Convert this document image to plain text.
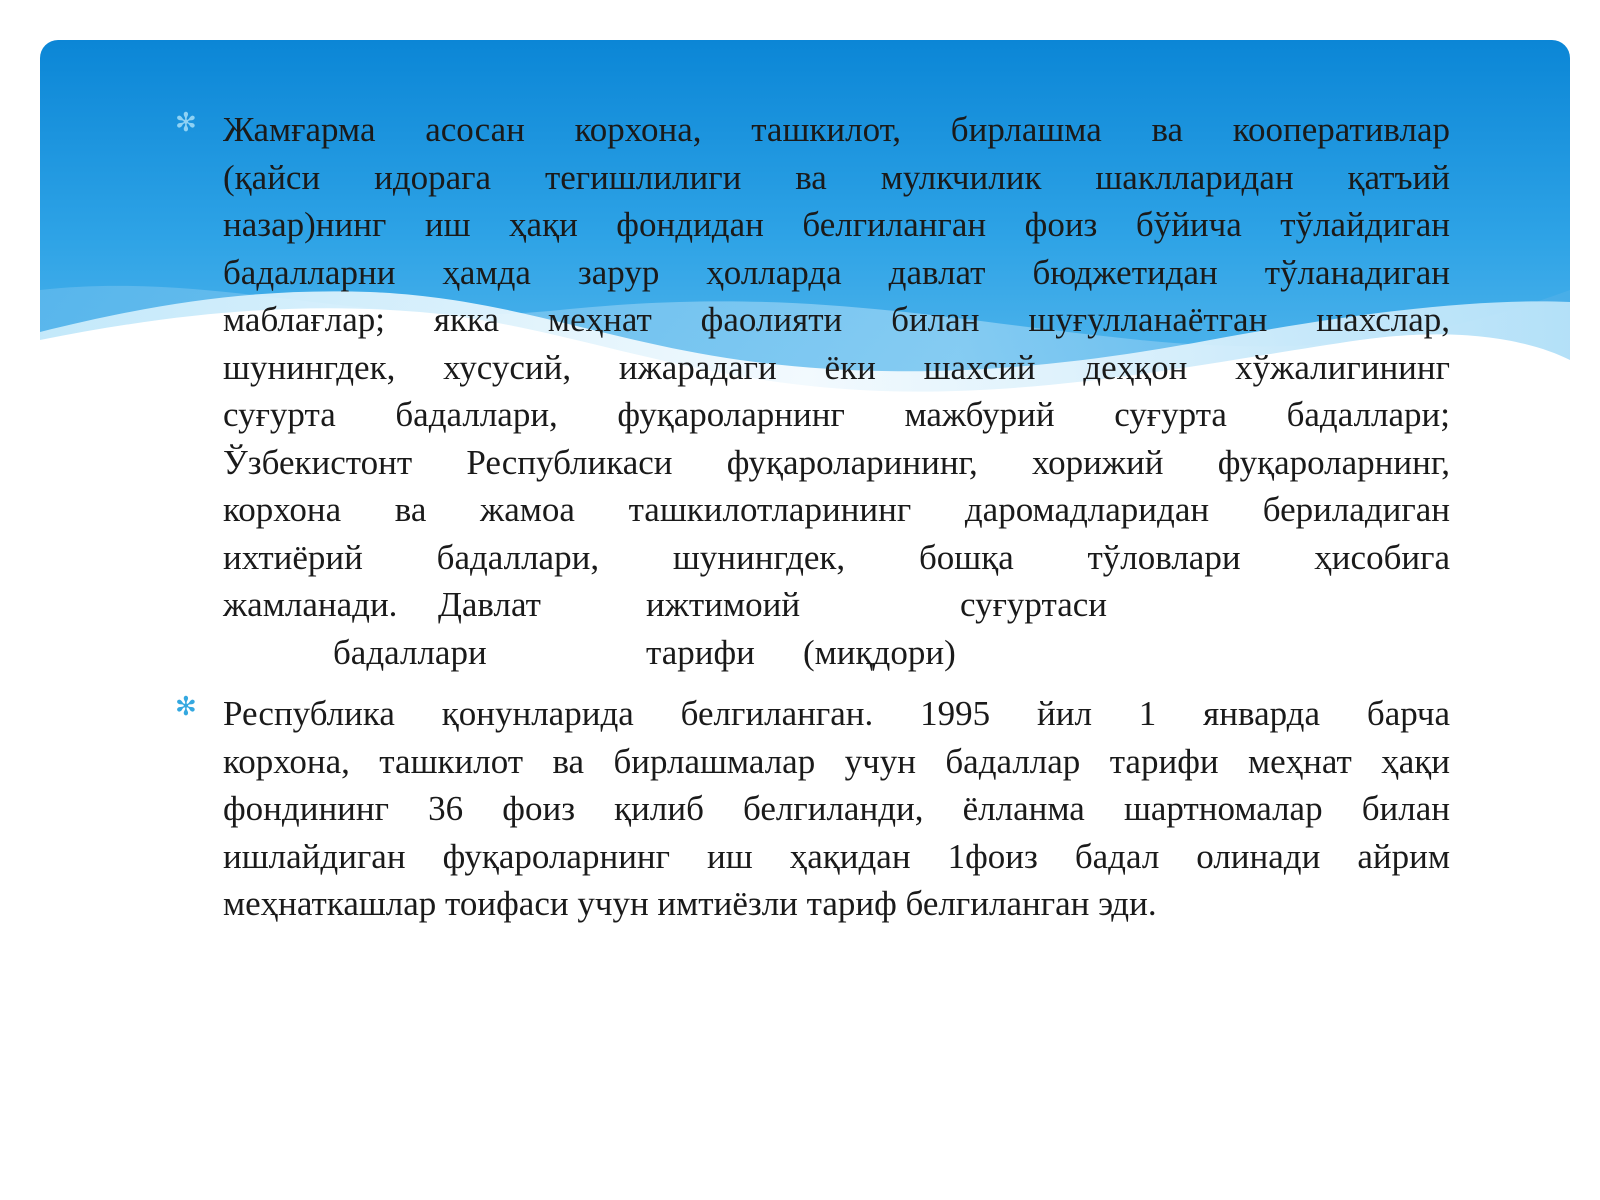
✻ Жамғарма асосан корхона, ташкилот, бирлашма ва кооперативлар
(қайси идорага тегишлилиги ва мулкчилик шаклларидан қатъий
назар)нинг иш ҳақи фондидан белгиланган фоиз бўйича тўлайдиган
бадалларни ҳамда зарур ҳолларда давлат бюджетидан тўланадиган
маблағлар; якка меҳнат фаолияти билан шуғулланаётган шахслар,
шунингдек, хусусий, ижарадаги ёки шахсий деҳқон хўжалигининг
суғурта бадаллари, фуқароларнинг мажбурий суғурта бадаллари;
Ўзбекистонт Республикаси фуқароларининг, хорижий фуқароларнинг,
корхона ва жамоа ташкилотларининг даромадларидан бериладиган
ихтиёрий бадаллари, шунингдек, бошқа тўловлари ҳисобига
жамланади. Давлат	ижтимоий	суғуртаси
бадаллари	тарифи (миқдори)
✻ Республика қонунларида белгиланган. 1995 йил 1 январда барча
корхона, ташкилот ва бирлашмалар учун бадаллар тарифи меҳнат ҳақи
фондининг 36 фоиз қилиб белгиланди, ёлланма шартномалар билан
ишлайдиган фуқароларнинг иш ҳақидан 1фоиз бадал олинади айрим
меҳнаткашлар тоифаси учун имтиёзли тариф белгиланган эди.
